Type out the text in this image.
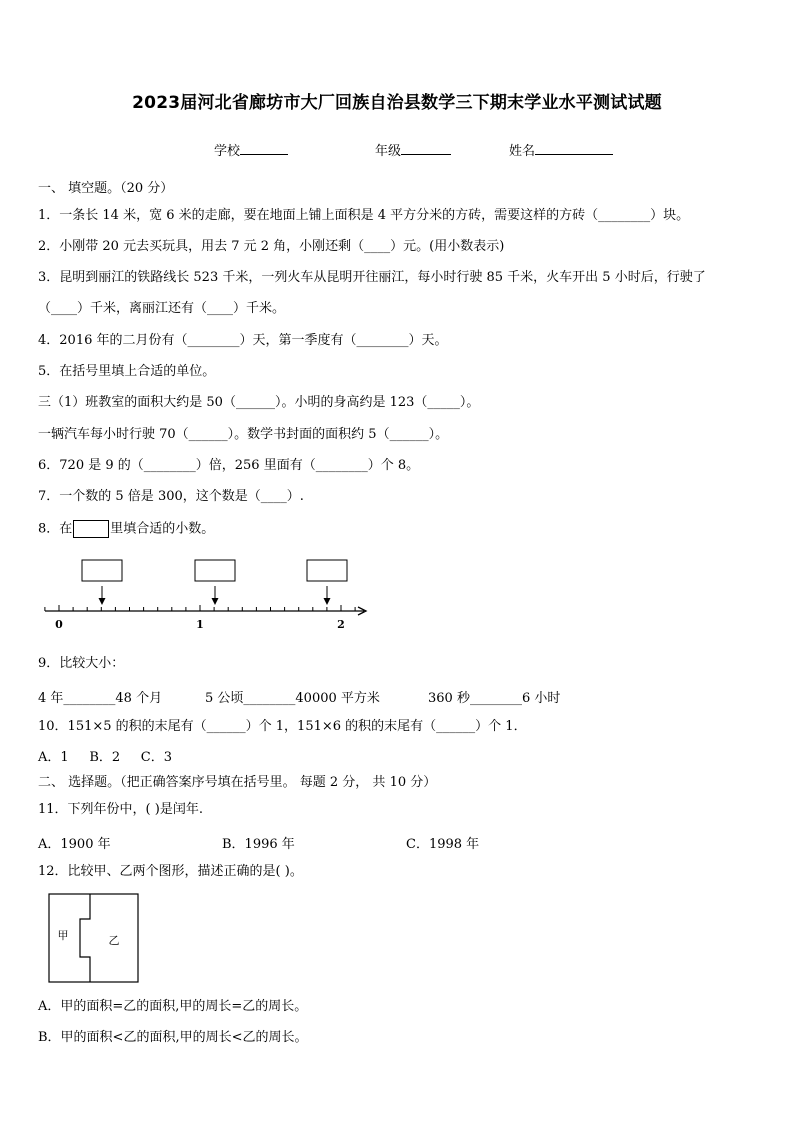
2023届河北省廊坊市大厂回族自治县数学三下期末学业水平测试试题
学校	年级	姓名
一、 填空题。（20 分）
1．一条长 14 米，宽 6 米的走廊，要在地面上铺上面积是 4 平方分米的方砖，需要这样的方砖（________）块。
2．小刚带 20 元去买玩具，用去 7 元 2 角，小刚还剩（____）元。(用小数表示)
3．昆明到丽江的铁路线长 523 千米，一列火车从昆明开往丽江，每小时行驶 85 千米，火车开出 5 小时后，行驶了
（____）千米，离丽江还有（____）千米。
4．2016 年的二月份有（________）天，第一季度有（________）天。
5．在括号里填上合适的单位。
三（1）班教室的面积大约是 50（______）。小明的身高约是 123（_____）。
一辆汽车每小时行驶 70（______）。数学书封面的面积约 5（______）。
6．720 是 9 的（________）倍，256 里面有（________）个 8。
7．一个数的 5 倍是 300，这个数是（____）.
8．在	里填合适的小数。
0	1	2
9．比较大小：
4 年________48 个月	5 公顷________40000 平方米	360 秒________6 小时
10．151×5 的积的末尾有（______）个 1，151×6 的积的末尾有（______）个 1．
A．1     B．2     C．3
二、 选择题。（把正确答案序号填在括号里。 每题 2 分， 共 10 分）
11．下列年份中，( )是闰年.
A．1900 年	B．1996 年	C．1998 年
12．比较甲、乙两个图形，描述正确的是( )。
甲	乙
A．甲的面积=乙的面积,甲的周长=乙的周长。
B．甲的面积<乙的面积,甲的周长<乙的周长。
